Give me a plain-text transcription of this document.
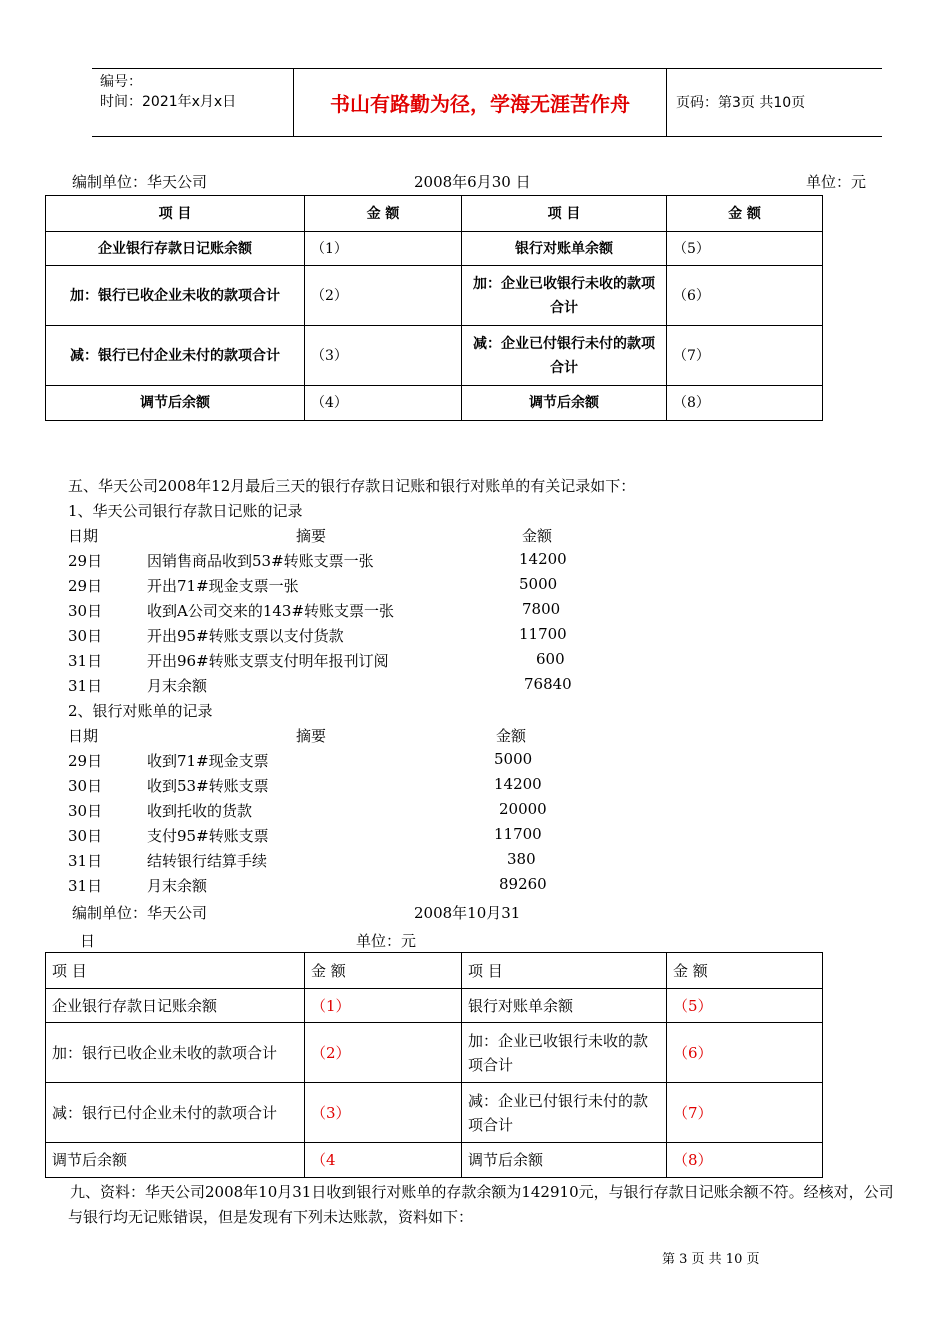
编号：
时间：2021年x月x日	书山有路勤为径，学海无涯苦作舟	页码：第3页 共10页
编制单位：华天公司	2008年6月30 日	单位：元
项 目	金 额	项 目	金 额
企业银行存款日记账余额	（1）	银行对账单余额	（5）
加：银行已收企业未收的款项合计	（2）	加：企业已收银行未收的款项合计	（6）
减：银行已付企业未付的款项合计	（3）	减：企业已付银行未付的款项合计	（7）
调节后余额	（4）	调节后余额	（8）
五、华天公司2008年12月最后三天的银行存款日记账和银行对账单的有关记录如下：
1、华天公司银行存款日记账的记录
日期	摘要	金额
29日	因销售商品收到53#转账支票一张	14200
29日	开出71#现金支票一张	5000
30日	收到A公司交来的143#转账支票一张	7800
30日	开出95#转账支票以支付货款	11700
31日	开出96#转账支票支付明年报刊订阅	600
31日	月末余额	76840
2、银行对账单的记录
日期	摘要	金额
29日	收到71#现金支票	5000
30日	收到53#转账支票	14200
30日	收到托收的货款	20000
30日	支付95#转账支票	11700
31日	结转银行结算手续	380
31日	月末余额	89260
编制单位：华天公司	2008年10月31
日	单位：元
项 目	金 额	项 目	金 额
企业银行存款日记账余额	（1）	银行对账单余额	（5）
加：银行已收企业未收的款项合计	（2）	加：企业已收银行未收的款项合计	（6）
减：银行已付企业未付的款项合计	（3）	减：企业已付银行未付的款项合计	（7）
调节后余额	（4	调节后余额	（8）
九、资料：华天公司2008年10月31日收到银行对账单的存款余额为142910元，与银行存款日记账余额不符。经核对，公司与银行均无记账错误，但是发现有下列未达账款，资料如下：
第 3 页 共 10 页
